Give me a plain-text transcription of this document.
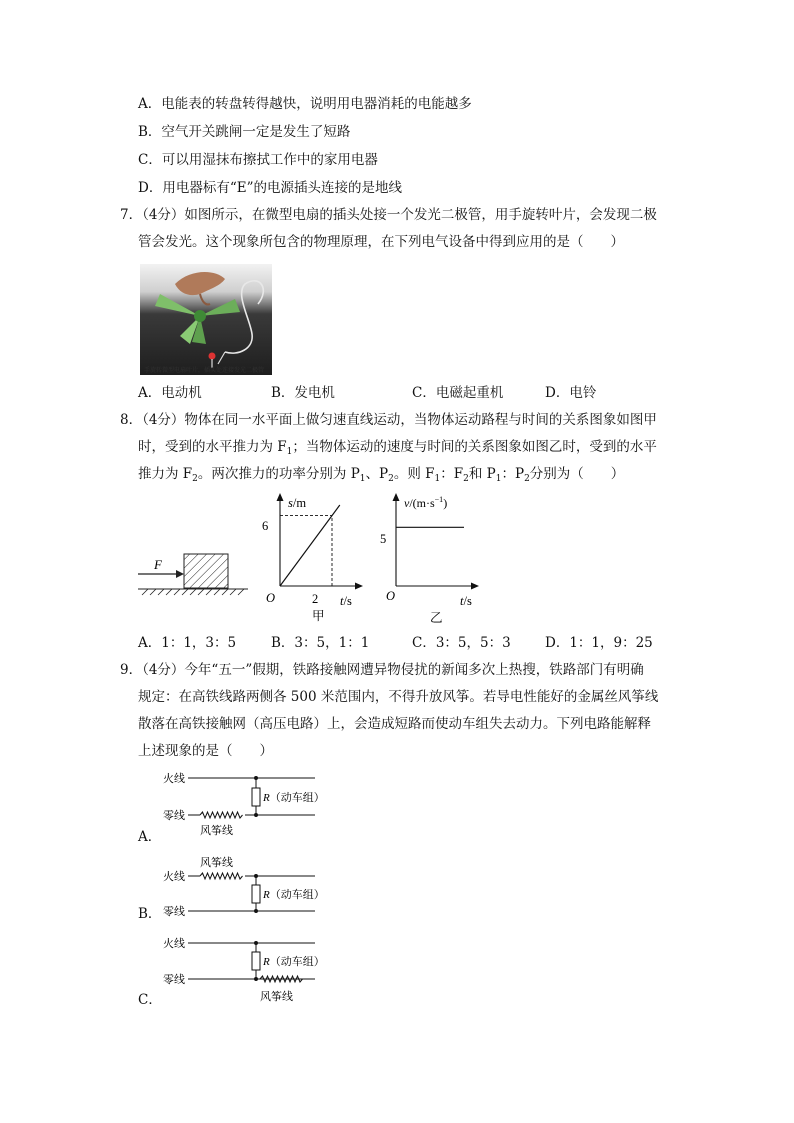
A．电能表的转盘转得越快，说明用电器消耗的电能越多
B．空气开关跳闸一定是发生了短路
C．可以用湿抹布擦拭工作中的家用电器
D．用电器标有“E”的电源插头连接的是地线
7．（4分）如图所示，在微型电扇的插头处接一个发光二极管，用手旋转叶片，会发现二极
管会发光。这个现象所包含的物理原理，在下列电气设备中得到应用的是（　　）
手旋转微型电扇叶片，插头处连接发光二极管
A．电动机	B．发电机	C．电磁起重机	D．电铃
8．（4分）物体在同一水平面上做匀速直线运动，当物体运动路程与时间的关系图象如图甲
时，受到的水平推力为 $F_1$；当物体运动的速度与时间的关系图象如图乙时，受到的水平
推力为 $F_2$。两次推力的功率分别为 $P_1$、$P_2$。则 $F_1$：$F_2$和 $P_1$：$P_2$分别为（　　）
F
s/m
t/s
O
6
2
甲
$v/(m\cdot s^{-1})$
t/s
O
5
乙
A．1：1，3：5	B．3：5，1：1	C．3：5，5：3	D．1：1，9：25
9．（4分）今年“五一”假期，铁路接触网遭异物侵扰的新闻多次上热搜，铁路部门有明确
规定：在高铁线路两侧各 500 米范围内，不得升放风筝。若导电性能好的金属丝风筝线
散落在高铁接触网（高压电路）上，会造成短路而使动车组失去动力。下列电路能解释
上述现象的是（　　）
火线
零线
R（动车组）
风筝线
A．
风筝线
火线
零线
R（动车组）
B．
火线
零线
R（动车组）
风筝线
C．
